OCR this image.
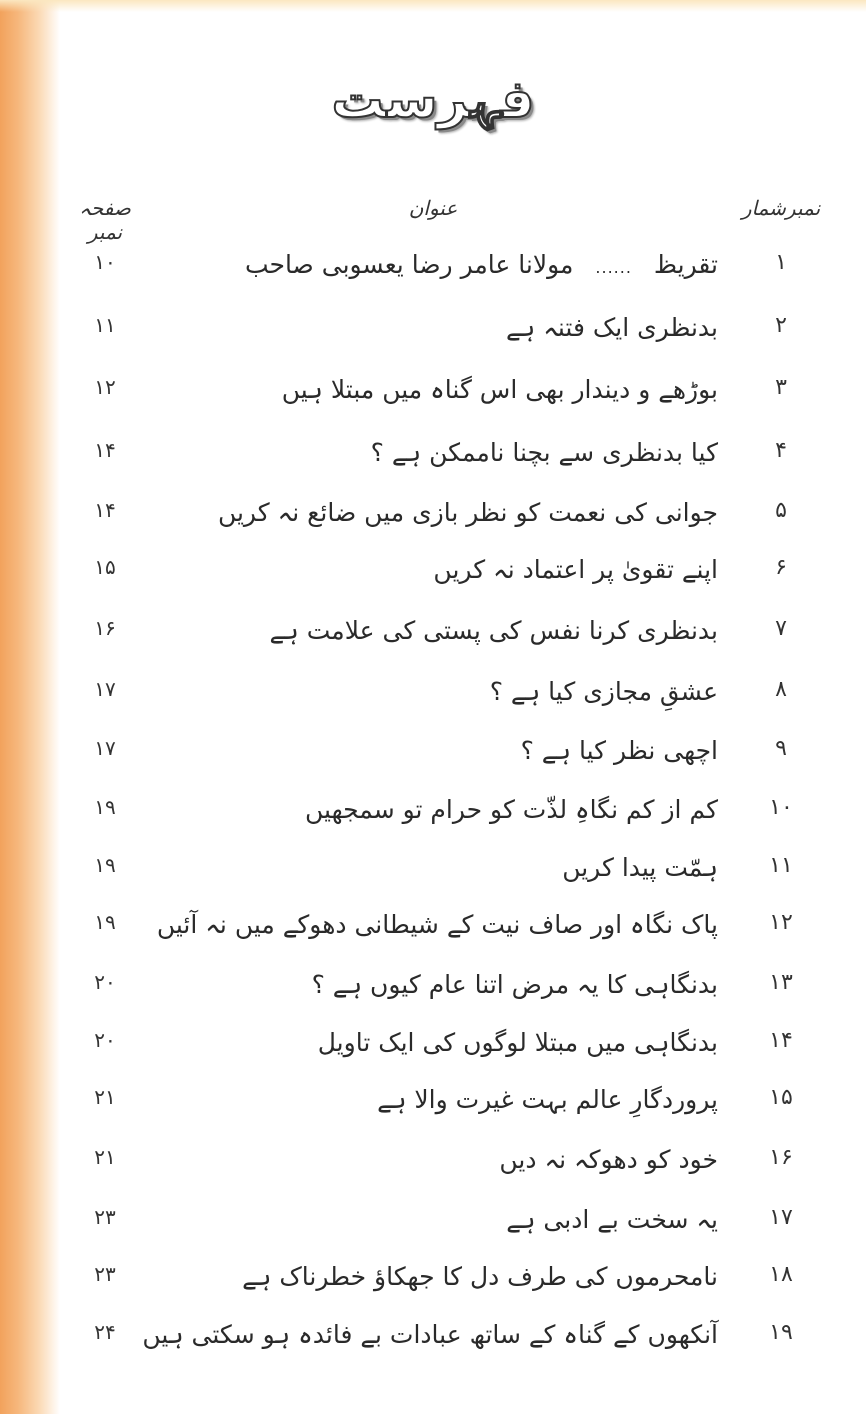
فہرست
نمبرشمار
عنوان
صفحہ نمبر
۱
تقریظ......مولانا عامر رضا یعسوبی صاحب
۱۰
۲
بدنظری ایک فتنہ ہے
۱۱
۳
بوڑھے و دیندار بھی اس گناہ میں مبتلا ہیں
۱۲
۴
کیا بدنظری سے بچنا ناممکن ہے ؟
۱۴
۵
جوانی کی نعمت کو نظر بازی میں ضائع نہ کریں
۱۴
۶
اپنے تقویٰ پر اعتماد نہ کریں
۱۵
۷
بدنظری کرنا نفس کی پستی کی علامت ہے
۱۶
۸
عشقِ مجازی کیا ہے ؟
۱۷
۹
اچھی نظر کیا ہے ؟
۱۷
۱۰
کم از کم نگاہِ لذّت کو حرام تو سمجھیں
۱۹
۱۱
ہمّت پیدا کریں
۱۹
۱۲
پاک نگاہ اور صاف نیت کے شیطانی دھوکے میں نہ آئیں
۱۹
۱۳
بدنگاہی کا یہ مرض اتنا عام کیوں ہے ؟
۲۰
۱۴
بدنگاہی میں مبتلا لوگوں کی ایک تاویل
۲۰
۱۵
پروردگارِ عالم بہت غیرت والا ہے
۲۱
۱۶
خود کو دھوکہ نہ دیں
۲۱
۱۷
یہ سخت بے ادبی ہے
۲۳
۱۸
نامحرموں کی طرف دل کا جھکاؤ خطرناک ہے
۲۳
۱۹
آنکھوں کے گناہ کے ساتھ عبادات بے فائدہ ہو سکتی ہیں
۲۴
